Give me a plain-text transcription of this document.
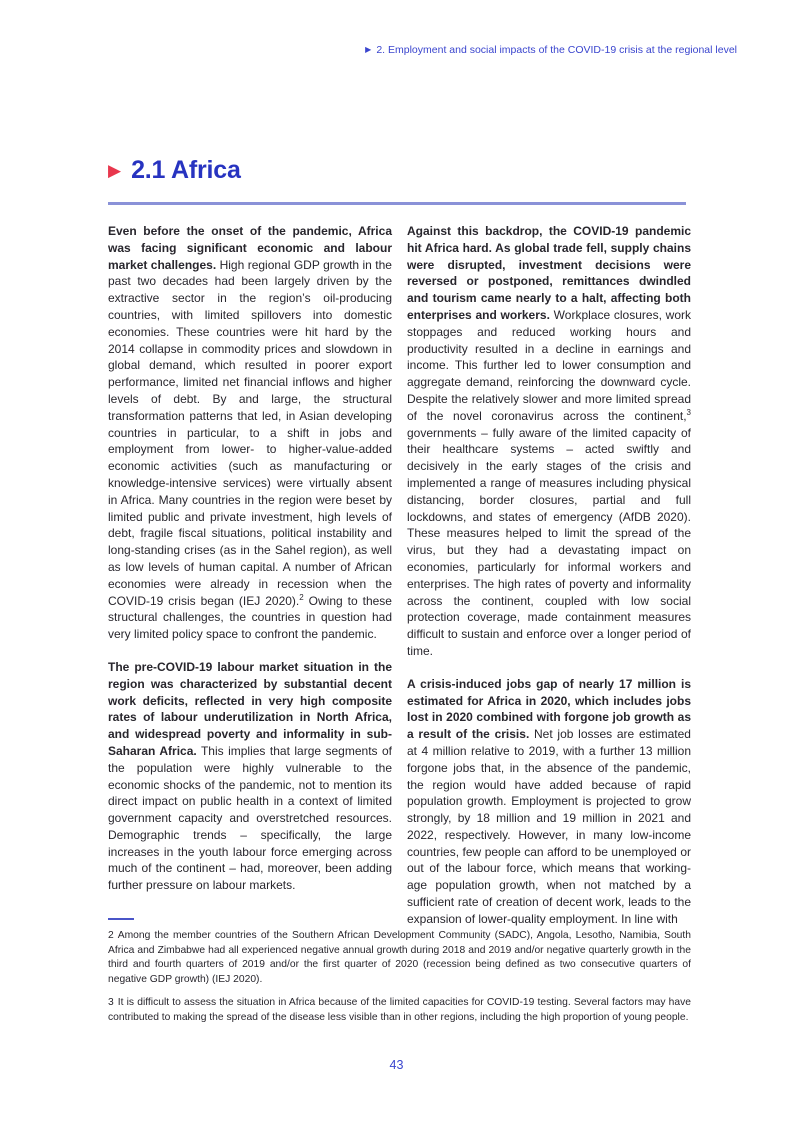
▶ 2. Employment and social impacts of the COVID-19 crisis at the regional level
▶ 2.1 Africa

Even before the onset of the pandemic, Africa was facing significant economic and labour market challenges. High regional GDP growth in the past two decades had been largely driven by the extractive sector in the region’s oil-producing countries, with limited spillovers into domestic economies. These countries were hit hard by the 2014 collapse in commodity prices and slowdown in global demand, which resulted in poorer export performance, limited net financial inflows and higher levels of debt. By and large, the structural transformation patterns that led, in Asian developing countries in particular, to a shift in jobs and employment from lower- to higher-value-added economic activities (such as manufacturing or knowledge-intensive services) were virtually absent in Africa. Many countries in the region were beset by limited public and private investment, high levels of debt, fragile fiscal situations, political instability and long-standing crises (as in the Sahel region), as well as low levels of human capital. A number of African economies were already in recession when the COVID-19 crisis began (IEJ 2020).$^2$ Owing to these structural challenges, the countries in question had very limited policy space to confront the pandemic.

The pre-COVID-19 labour market situation in the region was characterized by substantial decent work deficits, reflected in very high composite rates of labour underutilization in North Africa, and widespread poverty and informality in sub-Saharan Africa. This implies that large segments of the population were highly vulnerable to the economic shocks of the pandemic, not to mention its direct impact on public health in a context of limited government capacity and overstretched resources. Demographic trends – specifically, the large increases in the youth labour force emerging across much of the continent – had, moreover, been adding further pressure on labour markets.

Against this backdrop, the COVID-19 pandemic hit Africa hard. As global trade fell, supply chains were disrupted, investment decisions were reversed or postponed, remittances dwindled and tourism came nearly to a halt, affecting both enterprises and workers. Workplace closures, work stoppages and reduced working hours and productivity resulted in a decline in earnings and income. This further led to lower consumption and aggregate demand, reinforcing the downward cycle. Despite the relatively slower and more limited spread of the novel coronavirus across the continent,$^3$ governments – fully aware of the limited capacity of their healthcare systems – acted swiftly and decisively in the early stages of the crisis and implemented a range of measures including physical distancing, border closures, partial and full lockdowns, and states of emergency (AfDB 2020). These measures helped to limit the spread of the virus, but they had a devastating impact on economies, particularly for informal workers and enterprises. The high rates of poverty and informality across the continent, coupled with low social protection coverage, made containment measures difficult to sustain and enforce over a longer period of time.

A crisis-induced jobs gap of nearly 17 million is estimated for Africa in 2020, which includes jobs lost in 2020 combined with forgone job growth as a result of the crisis. Net job losses are estimated at 4 million relative to 2019, with a further 13 million forgone jobs that, in the absence of the pandemic, the region would have added because of rapid population growth. Employment is projected to grow strongly, by 18 million and 19 million in 2021 and 2022, respectively. However, in many low-income countries, few people can afford to be unemployed or out of the labour force, which means that working-age population growth, when not matched by a sufficient rate of creation of decent work, leads to the expansion of lower-quality employment. In line with

2 Among the member countries of the Southern African Development Community (SADC), Angola, Lesotho, Namibia, South Africa and Zimbabwe had all experienced negative annual growth during 2018 and 2019 and/or negative quarterly growth in the third and fourth quarters of 2019 and/or the first quarter of 2020 (recession being defined as two consecutive quarters of negative GDP growth) (IEJ 2020).

3 It is difficult to assess the situation in Africa because of the limited capacities for COVID-19 testing. Several factors may have contributed to making the spread of the disease less visible than in other regions, including the high proportion of young people.

43
